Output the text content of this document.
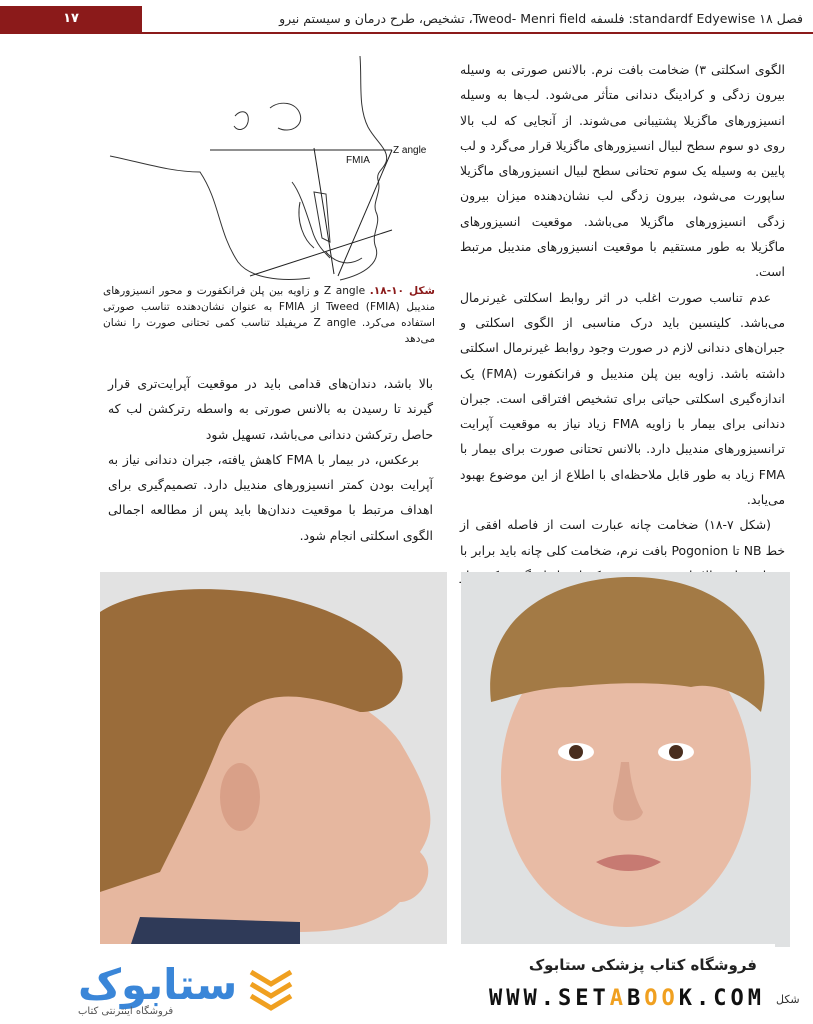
۱۷	فصل ۱۸ standardf Edyewise: فلسفه Tweod- Menri field، تشخیص، طرح درمان و سیستم نیرو

الگوی اسکلتی ۳) ضخامت بافت نرم. بالانس صورتی به وسیله بیرون زدگی و کرادینگ دندانی متأثر می‌شود. لب‌ها به وسیله انسیزورهای ماگزیلا پشتیبانی می‌شوند. از آنجایی که لب بالا روی دو سوم سطح لبیال انسیزورهای ماگزیلا قرار می‌گرد و لب پایین به وسیله یک سوم تحتانی سطح لبیال انسیزورهای ماگزیلا ساپورت می‌شود، بیرون زدگی لب نشان‌دهنده میزان بیرون زدگی انسیزورهای ماگزیلا می‌باشد. موقعیت انسیزورهای ماگزیلا به طور مستقیم با موقعیت انسیزورهای مندیبل مرتبط است.

عدم تناسب صورت اغلب در اثر روابط اسکلتی غیرنرمال می‌باشد. کلینسین باید درک مناسبی از الگوی اسکلتی و جبران‌های دندانی لازم در صورت وجود روابط غیرنرمال اسکلتی داشته باشد. زاویه بین پلن مندیبل و فرانکفورت (FMA) یک اندازه‌گیری اسکلتی حیاتی برای تشخیص افتراقی است. جبران دندانی برای بیمار با زاویه FMA زیاد نیاز به موقعیت آپرایت ترانسیزورهای مندیبل دارد. بالانس تحتانی صورت برای بیمار با FMA زیاد به طور قابل ملاحظه‌ای با اطلاع از این موضوع بهبود می‌یابد.

(شکل ۷-۱۸) ضخامت چانه عبارت است از فاصله افقی از خط NB تا Pogonion بافت نرم، ضخامت کلی چانه باید برابر با

FMIA
Z angle
شکل ۱۰-۱۸. Z angle و زاویه بین پلن فرانکفورت و محور انسیزورهای مندیبل (FMIA) Tweed از FMIA به عنوان نشان‌دهنده تناسب صورتی استفاده می‌کرد. Z angle مریفیلد تناسب کمی تحتانی صورت را نشان می‌دهد

بالا باشد، دندان‌های قدامی باید در موقعیت آپرایت‌تری قرار گیرند تا رسیدن به بالانس صورتی به واسطه رترکشن لب که حاصل رترکشن دندانی می‌باشد، تسهیل شود

برعکس، در بیمار با FMA کاهش یافته، جبران دندانی نیاز به آپرایت بودن کمتر انسیزورهای مندیبل دارد. تصمیم‌گیری برای اهداف مرتبط با موقعیت دندان‌ها باید پس از مطالعه اجمالی الگوی اسکلتی انجام شود.

ستابوک
فروشگاه اینترنتی کتاب
فروشگاه کتاب پزشکی ستابوک
WWW.SETABOOK.COM شکل
